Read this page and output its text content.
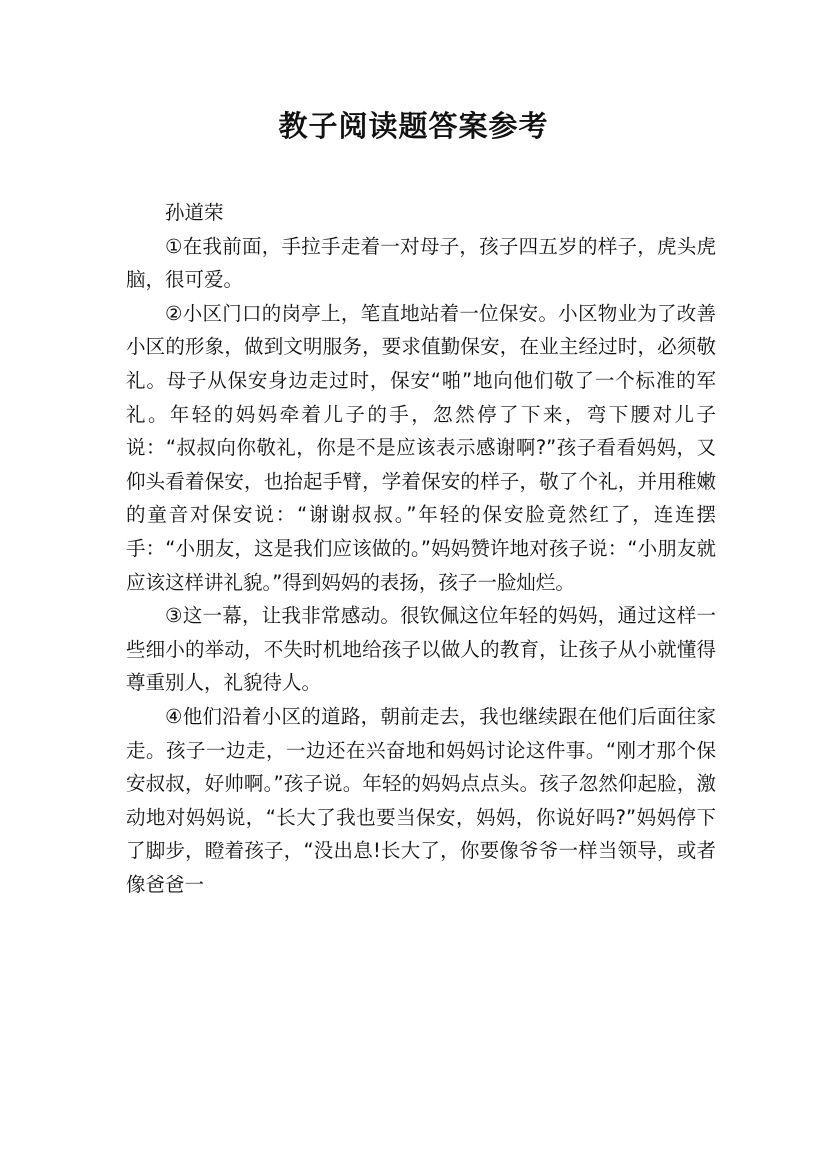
教子阅读题答案参考

孙道荣

①在我前面，手拉手走着一对母子，孩子四五岁的样子，虎头虎脑，很可爱。

②小区门口的岗亭上，笔直地站着一位保安。小区物业为了改善小区的形象，做到文明服务，要求值勤保安，在业主经过时，必须敬礼。母子从保安身边走过时，保安“啪”地向他们敬了一个标准的军礼。年轻的妈妈牵着儿子的手，忽然停了下来，弯下腰对儿子说：“叔叔向你敬礼，你是不是应该表示感谢啊?”孩子看看妈妈，又仰头看着保安，也抬起手臂，学着保安的样子，敬了个礼，并用稚嫩的童音对保安说：“谢谢叔叔。”年轻的保安脸竟然红了，连连摆手：“小朋友，这是我们应该做的。”妈妈赞许地对孩子说：“小朋友就应该这样讲礼貌。”得到妈妈的表扬，孩子一脸灿烂。

③这一幕，让我非常感动。很钦佩这位年轻的妈妈，通过这样一些细小的举动，不失时机地给孩子以做人的教育，让孩子从小就懂得尊重别人，礼貌待人。

④他们沿着小区的道路，朝前走去，我也继续跟在他们后面往家走。孩子一边走，一边还在兴奋地和妈妈讨论这件事。“刚才那个保安叔叔，好帅啊。”孩子说。年轻的妈妈点点头。孩子忽然仰起脸，激动地对妈妈说，“长大了我也要当保安，妈妈，你说好吗?”妈妈停下了脚步，瞪着孩子，“没出息!长大了，你要像爷爷一样当领导，或者像爸爸一
